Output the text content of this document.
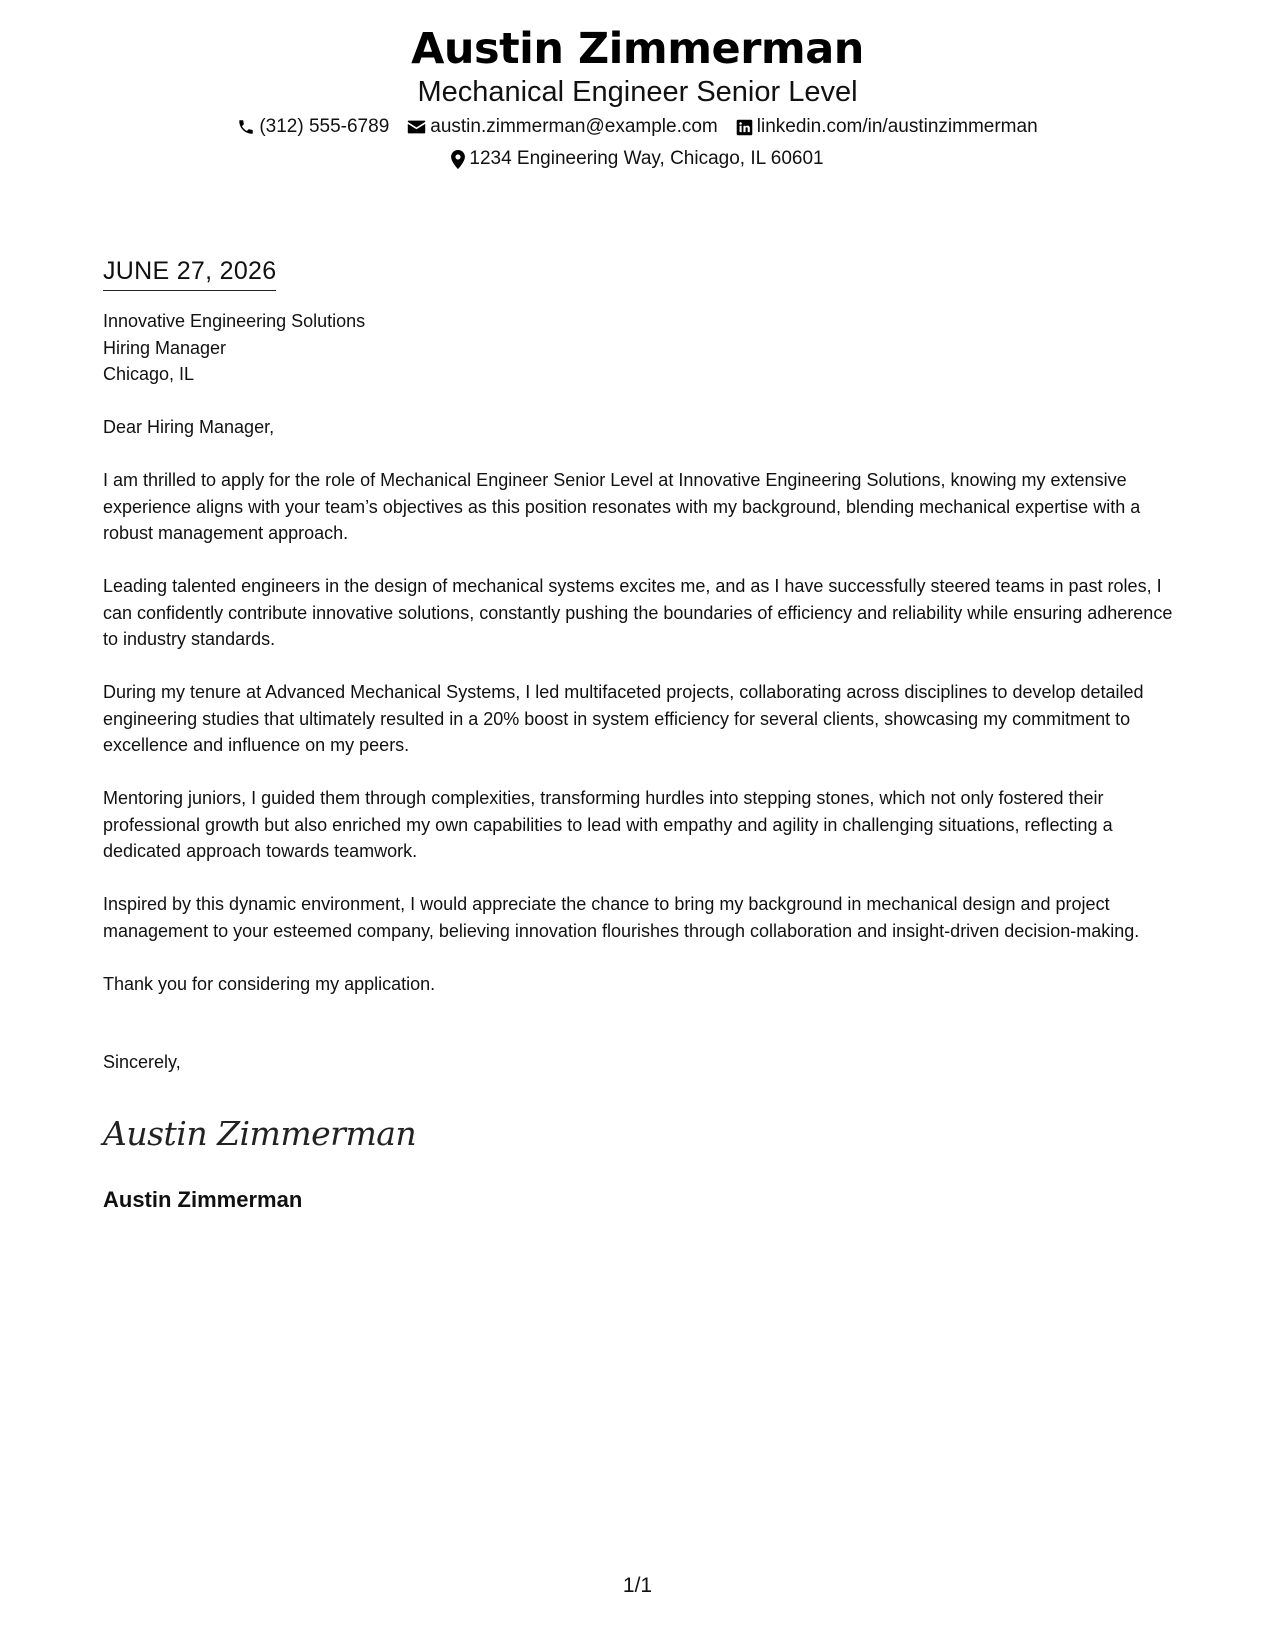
Austin Zimmerman
Mechanical Engineer Senior Level
(312) 555-6789 austin.zimmerman@example.com linkedin.com/in/austinzimmerman
1234 Engineering Way, Chicago, IL 60601
JUNE 27, 2026
Innovative Engineering Solutions
Hiring Manager
Chicago, IL

Dear Hiring Manager,

I am thrilled to apply for the role of Mechanical Engineer Senior Level at Innovative Engineering Solutions, knowing my extensive experience aligns with your team’s objectives as this position resonates with my background, blending mechanical expertise with a robust management approach.

Leading talented engineers in the design of mechanical systems excites me, and as I have successfully steered teams in past roles, I can confidently contribute innovative solutions, constantly pushing the boundaries of efficiency and reliability while ensuring adherence to industry standards.

During my tenure at Advanced Mechanical Systems, I led multifaceted projects, collaborating across disciplines to develop detailed engineering studies that ultimately resulted in a 20% boost in system efficiency for several clients, showcasing my commitment to excellence and influence on my peers.

Mentoring juniors, I guided them through complexities, transforming hurdles into stepping stones, which not only fostered their professional growth but also enriched my own capabilities to lead with empathy and agility in challenging situations, reflecting a dedicated approach towards teamwork.

Inspired by this dynamic environment, I would appreciate the chance to bring my background in mechanical design and project management to your esteemed company, believing innovation flourishes through collaboration and insight-driven decision-making.

Thank you for considering my application.

Sincerely,
Austin Zimmerman
Austin Zimmerman
1/1
